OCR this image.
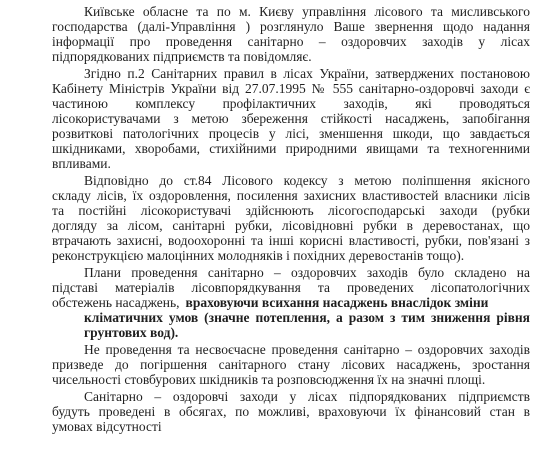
Київське обласне та по м. Києву управління лісового та мисливського
господарства (далі-Управління ) розглянуло Ваше звернення щодо надання
інформації про проведення санітарно – оздоровчих заходів у лісах
підпорядкованих підприємств та повідомляє.
Згідно п.2 Санітарних правил в лісах України, затверджених постановою
Кабінету Міністрів України від 27.07.1995 № 555 санітарно-оздоровчі заходи є
частиною комплексу профілактичних заходів, які проводяться
лісокористувачами з метою збереження стійкості насаджень, запобігання
розвиткові патологічних процесів у лісі, зменшення шкоди, що завдається
шкідниками, хворобами, стихійними природними явищами та техногенними
впливами.
Відповідно до ст.84 Лісового кодексу з метою поліпшення якісного
складу лісів, їх оздоровлення, посилення захисних властивостей власники лісів
та постійні лісокористувачі здійснюють лісогосподарські заходи (рубки
догляду за лісом, санітарні рубки, лісовідновні рубки в деревостанах, що
втрачають захисні, водоохоронні та інші корисні властивості, рубки, пов'язані з
реконструкцією малоцінних молодняків і похідних деревостанів тощо).
Плани проведення санітарно – оздоровчих заходів було складено на
підставі матеріалів лісовпорядкування та проведених лісопатологічних
обстежень насаджень, враховуючи всихання насаджень внаслідок зміни
кліматичних умов (значне потеплення, а разом з тим зниження рівня
грунтових вод).
Не проведення та несвоєчасне проведення санітарно – оздоровчих заходів
призведе до погіршення санітарного стану лісових насаджень, зростання
чисельності стовбурових шкідників та розповсюдження їх на значні площі.
Санітарно – оздоровчі заходи у лісах підпорядкованих підприємств
будуть проведені в обсягах, по можливі, враховуючи їх фінансовий стан в
умовах відсутності
